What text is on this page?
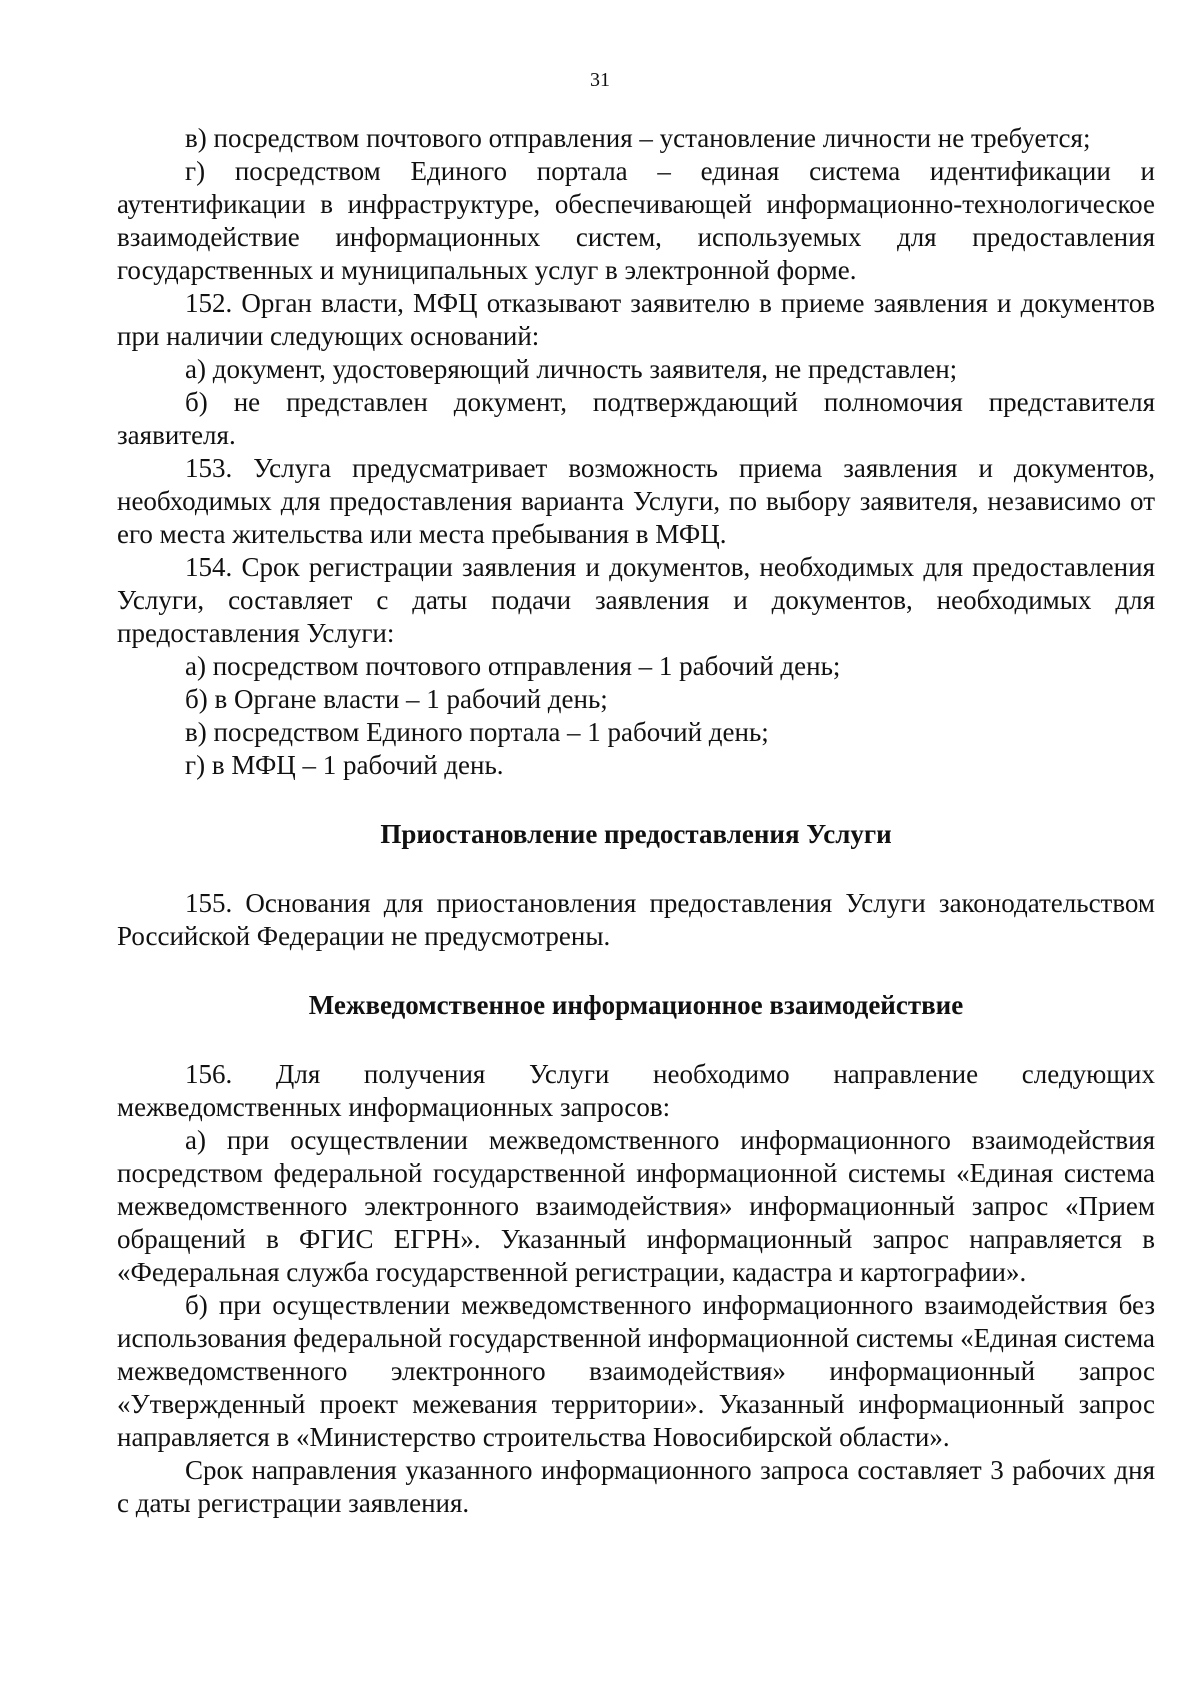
31

в) посредством почтового отправления – установление личности не требуется;

г) посредством Единого портала – единая система идентификации и аутентификации в инфраструктуре, обеспечивающей информационно-технологическое взаимодействие информационных систем, используемых для предоставления государственных и муниципальных услуг в электронной форме.

152. Орган власти, МФЦ отказывают заявителю в приеме заявления и документов при наличии следующих оснований:

а) документ, удостоверяющий личность заявителя, не представлен;

б) не представлен документ, подтверждающий полномочия представителя заявителя.

153. Услуга предусматривает возможность приема заявления и документов, необходимых для предоставления варианта Услуги, по выбору заявителя, независимо от его места жительства или места пребывания в МФЦ.

154. Срок регистрации заявления и документов, необходимых для предоставления Услуги, составляет с даты подачи заявления и документов, необходимых для предоставления Услуги:

а) посредством почтового отправления – 1 рабочий день;

б) в Органе власти – 1 рабочий день;

в) посредством Единого портала – 1 рабочий день;

г) в МФЦ – 1 рабочий день.

Приостановление предоставления Услуги

155. Основания для приостановления предоставления Услуги законодательством Российской Федерации не предусмотрены.

Межведомственное информационное взаимодействие

156. Для получения Услуги необходимо направление следующих межведомственных информационных запросов:

а) при осуществлении межведомственного информационного взаимодействия посредством федеральной государственной информационной системы «Единая система межведомственного электронного взаимодействия» информационный запрос «Прием обращений в ФГИС ЕГРН». Указанный информационный запрос направляется в «Федеральная служба государственной регистрации, кадастра и картографии».

б) при осуществлении межведомственного информационного взаимодействия без использования федеральной государственной информационной системы «Единая система межведомственного электронного взаимодействия» информационный запрос «Утвержденный проект межевания территории». Указанный информационный запрос направляется в «Министерство строительства Новосибирской области».

Срок направления указанного информационного запроса составляет 3 рабочих дня с даты регистрации заявления.
